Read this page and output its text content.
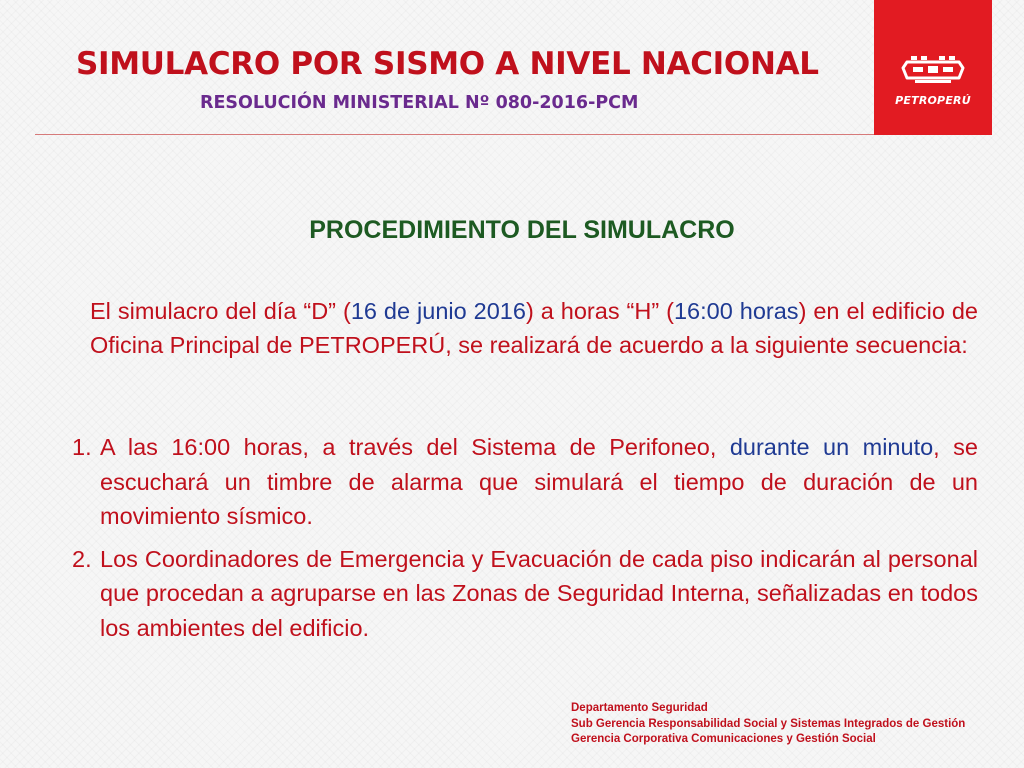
SIMULACRO POR SISMO A NIVEL NACIONAL
RESOLUCIÓN MINISTERIAL Nº 080-2016-PCM	PETROPERÚ
PROCEDIMIENTO DEL SIMULACRO

El simulacro del día “D” (16 de junio 2016) a horas “H” (16:00 horas) en el edificio de Oficina Principal de PETROPERÚ, se realizará de acuerdo a la siguiente secuencia:

1. A las 16:00 horas, a través del Sistema de Perifoneo, durante un minuto, se escuchará un timbre de alarma que simulará el tiempo de duración de un movimiento sísmico.
2. Los Coordinadores de Emergencia y Evacuación de cada piso indicarán al personal que procedan a agruparse en las Zonas de Seguridad Interna, señalizadas en todos los ambientes del edificio.
Departamento Seguridad
Sub Gerencia Responsabilidad Social y Sistemas Integrados de Gestión
Gerencia Corporativa Comunicaciones y Gestión Social
